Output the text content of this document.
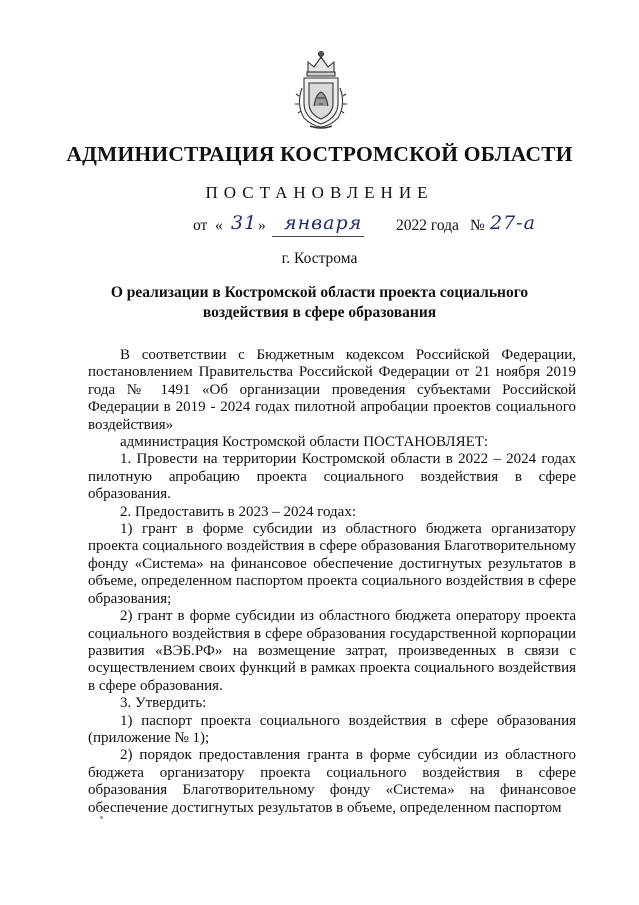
АДМИНИСТРАЦИЯ КОСТРОМСКОЙ ОБЛАСТИ
ПОСТАНОВЛЕНИЕ
от « 31 » января 2022 года № 27-а
г. Кострома
О реализации в Костромской области проекта социального
воздействия в сфере образования

В соответствии с Бюджетным кодексом Российской Федерации, постановлением Правительства Российской Федерации от 21 ноября 2019 года № 1491 «Об организации проведения субъектами Российской Федерации в 2019 - 2024 годах пилотной апробации проектов социального воздействия»

администрация Костромской области ПОСТАНОВЛЯЕТ:

1. Провести на территории Костромской области в 2022 – 2024 годах пилотную апробацию проекта социального воздействия в сфере образования.

2. Предоставить в 2023 – 2024 годах:

1) грант в форме субсидии из областного бюджета организатору проекта социального воздействия в сфере образования Благотворительному фонду «Система» на финансовое обеспечение достигнутых результатов в объеме, определенном паспортом проекта социального воздействия в сфере образования;

2) грант в форме субсидии из областного бюджета оператору проекта социального воздействия в сфере образования государственной корпорации развития «ВЭБ.РФ» на возмещение затрат, произведенных в связи с осуществлением своих функций в рамках проекта социального воздействия в сфере образования.

3. Утвердить:

1) паспорт проекта социального воздействия в сфере образования (приложение № 1);

2) порядок предоставления гранта в форме субсидии из областного бюджета организатору проекта социального воздействия в сфере образования Благотворительному фонду «Система» на финансовое обеспечение достигнутых результатов в объеме, определенном паспортом
